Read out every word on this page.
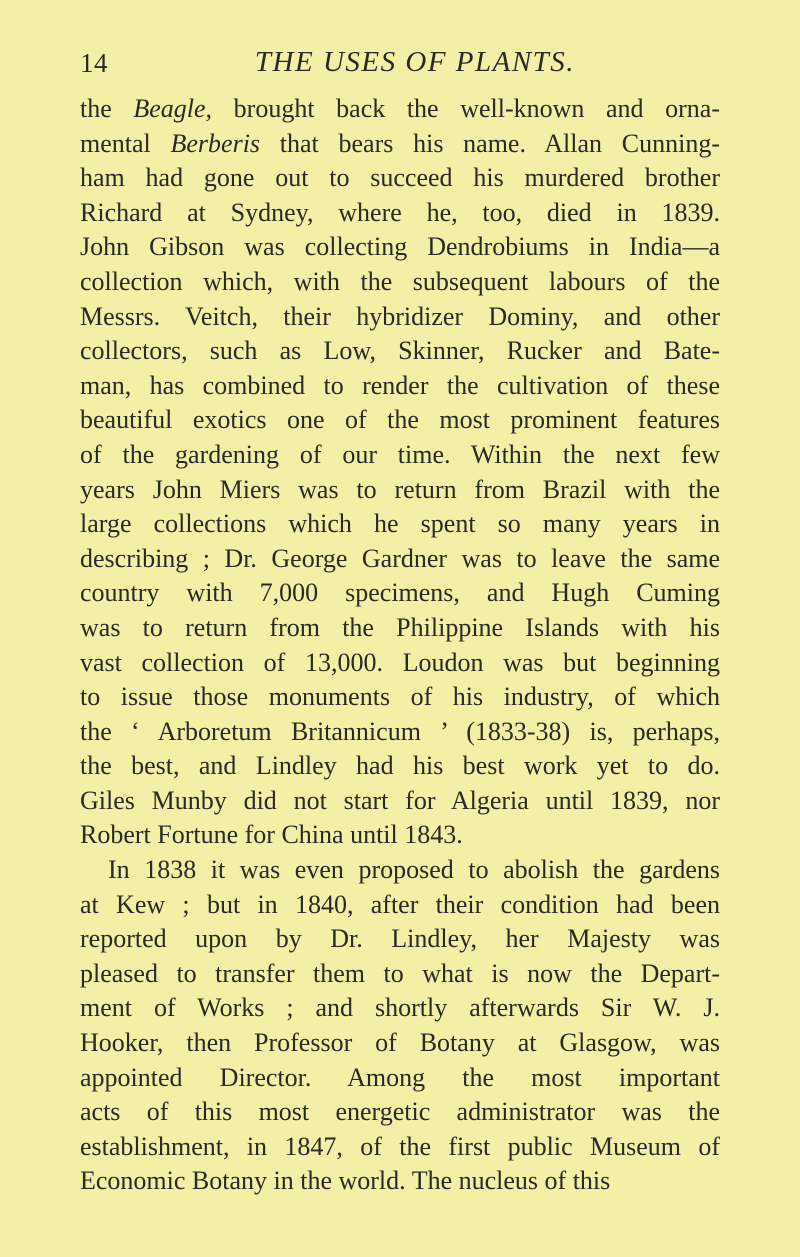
14	THE USES OF PLANTS.

the Beagle, brought back the well-known and orna-
mental Berberis that bears his name. Allan Cunning-
ham had gone out to succeed his murdered brother
Richard at Sydney, where he, too, died in 1839.
John Gibson was collecting Dendrobiums in India—a
collection which, with the subsequent labours of the
Messrs. Veitch, their hybridizer Dominy, and other
collectors, such as Low, Skinner, Rucker and Bate-
man, has combined to render the cultivation of these
beautiful exotics one of the most prominent features
of the gardening of our time. Within the next few
years John Miers was to return from Brazil with the
large collections which he spent so many years in
describing ; Dr. George Gardner was to leave the same
country with 7,000 specimens, and Hugh Cuming
was to return from the Philippine Islands with his
vast collection of 13,000. Loudon was but beginning
to issue those monuments of his industry, of which
the ‘ Arboretum Britannicum ’ (1833-38) is, perhaps,
the best, and Lindley had his best work yet to do.
Giles Munby did not start for Algeria until 1839, nor
Robert Fortune for China until 1843.

In 1838 it was even proposed to abolish the gardens
at Kew ; but in 1840, after their condition had been
reported upon by Dr. Lindley, her Majesty was
pleased to transfer them to what is now the Depart-
ment of Works ; and shortly afterwards Sir W. J.
Hooker, then Professor of Botany at Glasgow, was
appointed Director. Among the most important
acts of this most energetic administrator was the
establishment, in 1847, of the first public Museum of
Economic Botany in the world. The nucleus of this
